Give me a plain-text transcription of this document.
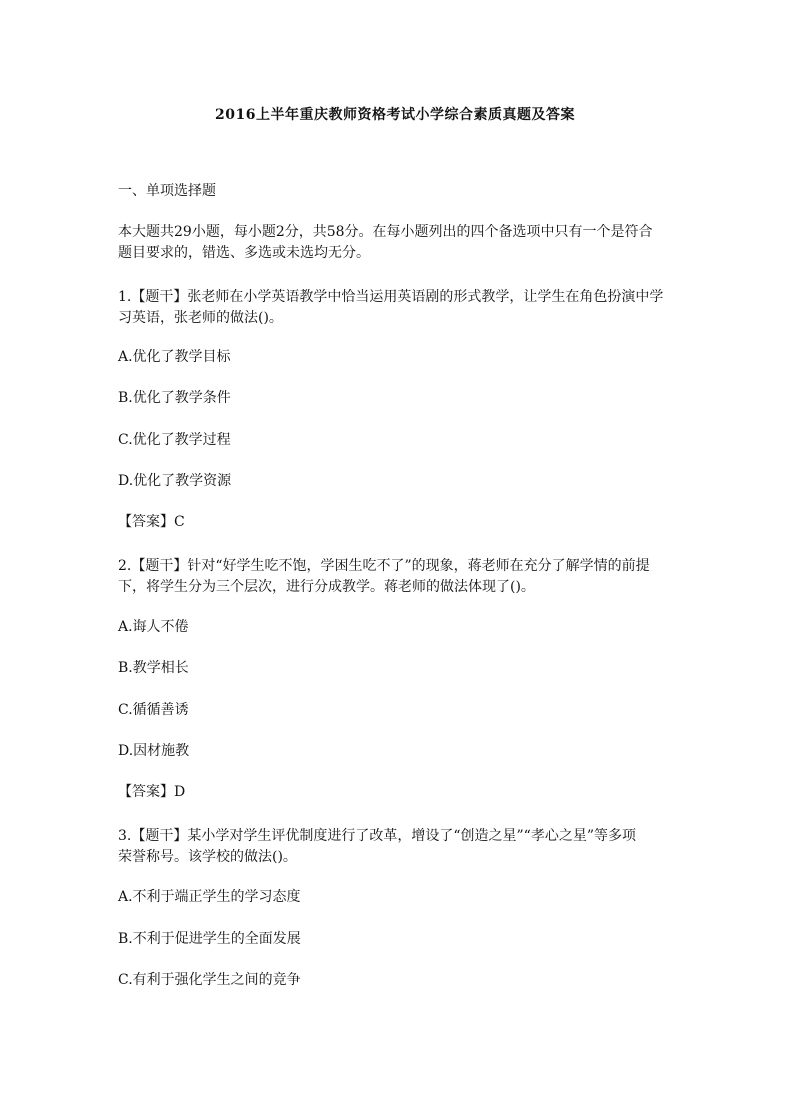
2016上半年重庆教师资格考试小学综合素质真题及答案
一、单项选择题
本大题共29小题，每小题2分，共58分。在每小题列出的四个备选项中只有一个是符合
题目要求的，错选、多选或未选均无分。
1.【题干】张老师在小学英语教学中恰当运用英语剧的形式教学，让学生在角色扮演中学
习英语，张老师的做法()。
A.优化了教学目标
B.优化了教学条件
C.优化了教学过程
D.优化了教学资源
【答案】C
2.【题干】针对“好学生吃不饱，学困生吃不了”的现象，蒋老师在充分了解学情的前提
下，将学生分为三个层次，进行分成教学。蒋老师的做法体现了()。
A.诲人不倦
B.教学相长
C.循循善诱
D.因材施教
【答案】D
3.【题干】某小学对学生评优制度进行了改革，增设了“创造之星”“孝心之星”等多项
荣誉称号。该学校的做法()。
A.不利于端正学生的学习态度
B.不利于促进学生的全面发展
C.有利于强化学生之间的竞争
